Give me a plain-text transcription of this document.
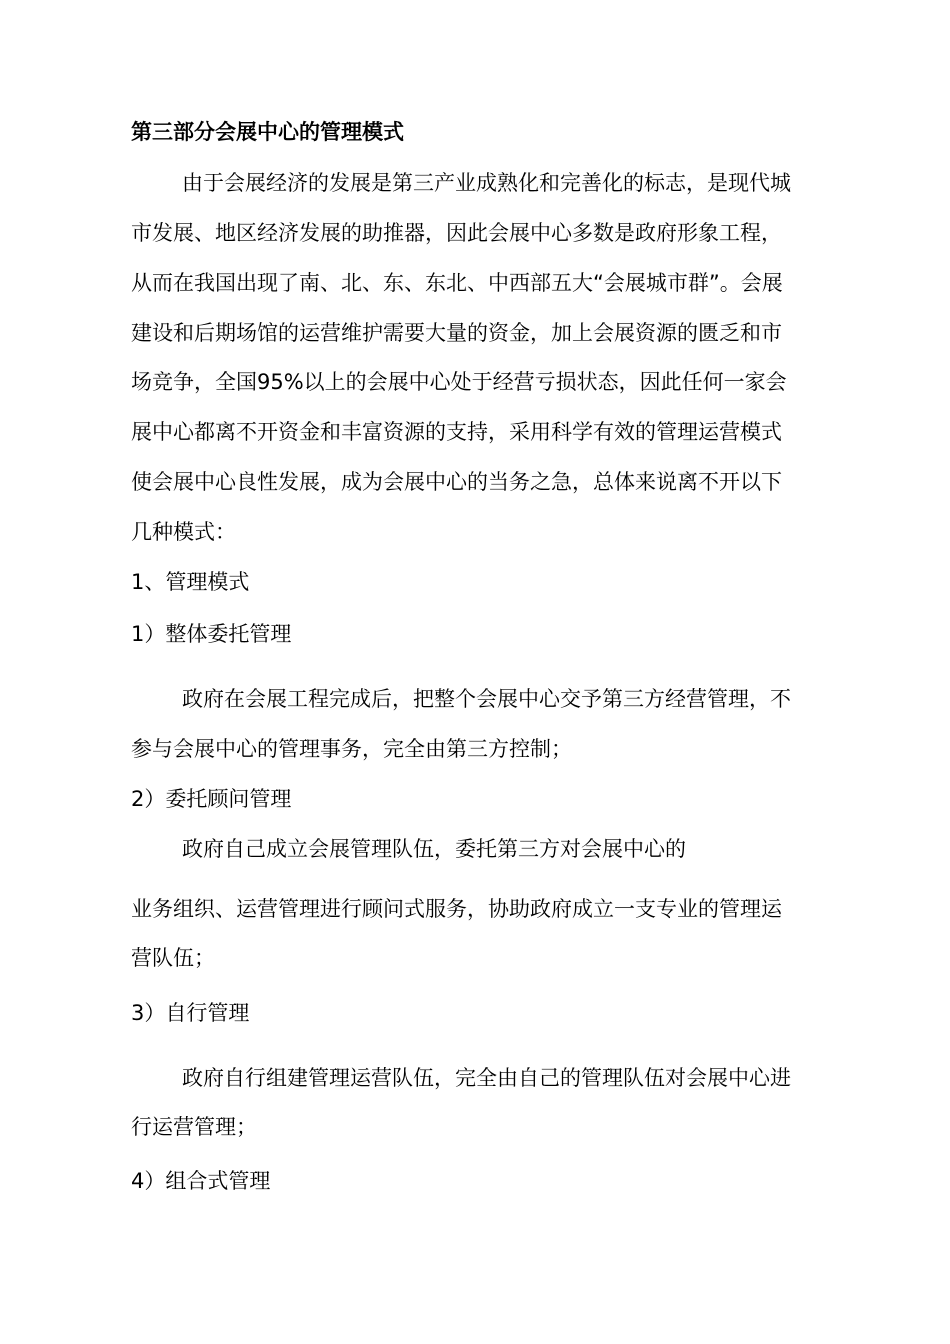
第三部分会展中心的管理模式
由于会展经济的发展是第三产业成熟化和完善化的标志，是现代城
市发展、地区经济发展的助推器，因此会展中心多数是政府形象工程，
从而在我国出现了南、北、东、东北、中西部五大“会展城市群”。会展
建设和后期场馆的运营维护需要大量的资金，加上会展资源的匮乏和市
场竞争，全国95%以上的会展中心处于经营亏损状态，因此任何一家会
展中心都离不开资金和丰富资源的支持，采用科学有效的管理运营模式
使会展中心良性发展，成为会展中心的当务之急，总体来说离不开以下
几种模式：
1、管理模式
1）整体委托管理
政府在会展工程完成后，把整个会展中心交予第三方经营管理，不
参与会展中心的管理事务，完全由第三方控制；
2）委托顾问管理
政府自己成立会展管理队伍，委托第三方对会展中心的
业务组织、运营管理进行顾问式服务，协助政府成立一支专业的管理运
营队伍；
3）自行管理
政府自行组建管理运营队伍，完全由自己的管理队伍对会展中心进
行运营管理；
4）组合式管理
